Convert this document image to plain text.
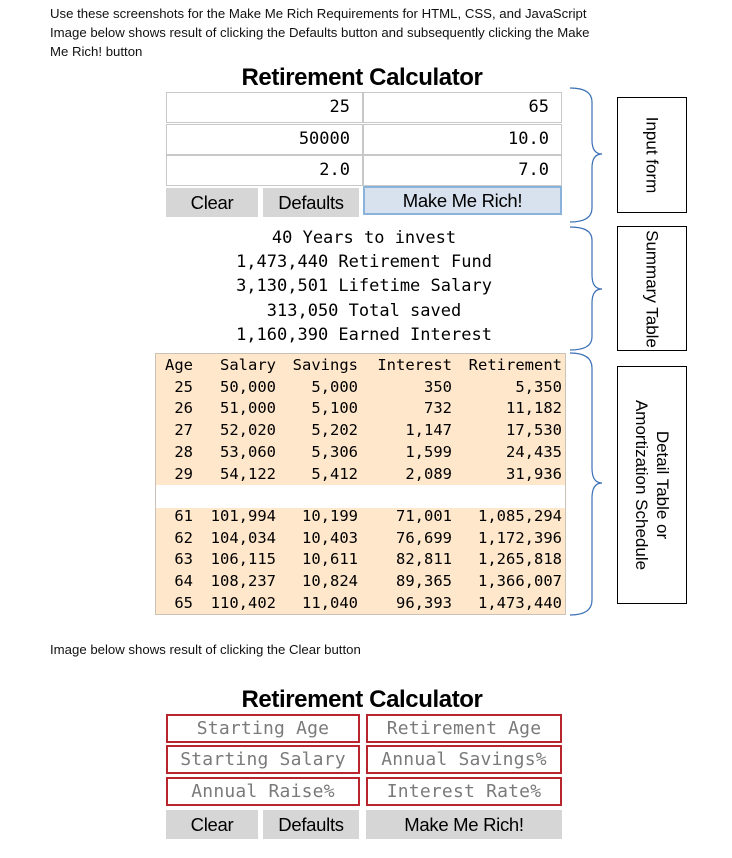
Use these screenshots for the Make Me Rich Requirements for HTML, CSS, and JavaScript

Image below shows result of clicking the Defaults button and subsequently clicking the Make

Me Rich! button

Retirement Calculator
25	65
50000	10.0
2.0	7.0
Clear	Defaults	Make Me Rich!
40 Years to invest
1,473,440 Retirement Fund
3,130,501 Lifetime Salary
313,050 Total saved
1,160,390 Earned Interest
Age Salary Savings Interest Retirement
25 50,000 5,000	350	5,350
26 51,000 5,100	732	11,182
27 52,020 5,202	1,147	17,530
28 53,060 5,306	1,599	24,435
29 54,122 5,412	2,089	31,936
61 101,994 10,199 71,001 1,085,294
62 104,034 10,403 76,699 1,172,396
63 106,115 10,611 82,811 1,265,818
64 108,237 10,824 89,365 1,366,007
65 110,402 11,040 96,393 1,473,440
Input form
Summary Table
Detail Table or
Amortization Schedule
Image below shows result of clicking the Clear button
Retirement Calculator
Starting Age	Retirement Age
Starting Salary	Annual Savings%
Annual Raise%	Interest Rate%
Clear	Defaults	Make Me Rich!
